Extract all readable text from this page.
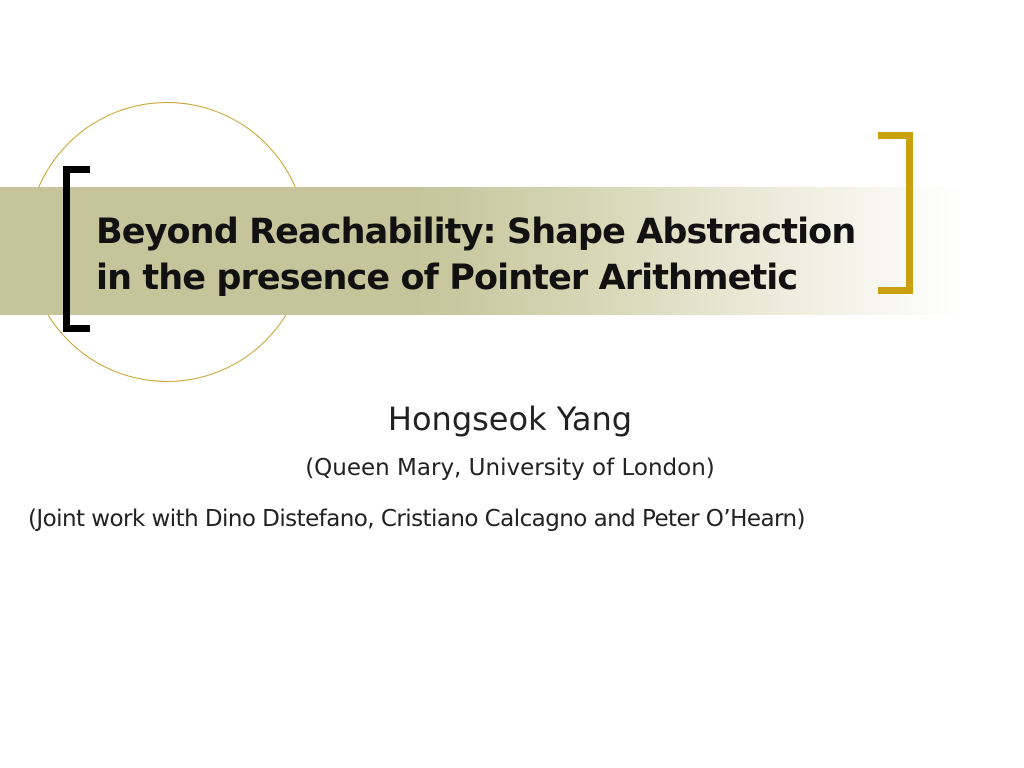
Beyond Reachability: Shape Abstraction
in the presence of Pointer Arithmetic
Hongseok Yang
(Queen Mary, University of London)
(Joint work with Dino Distefano, Cristiano Calcagno and Peter O’Hearn)
